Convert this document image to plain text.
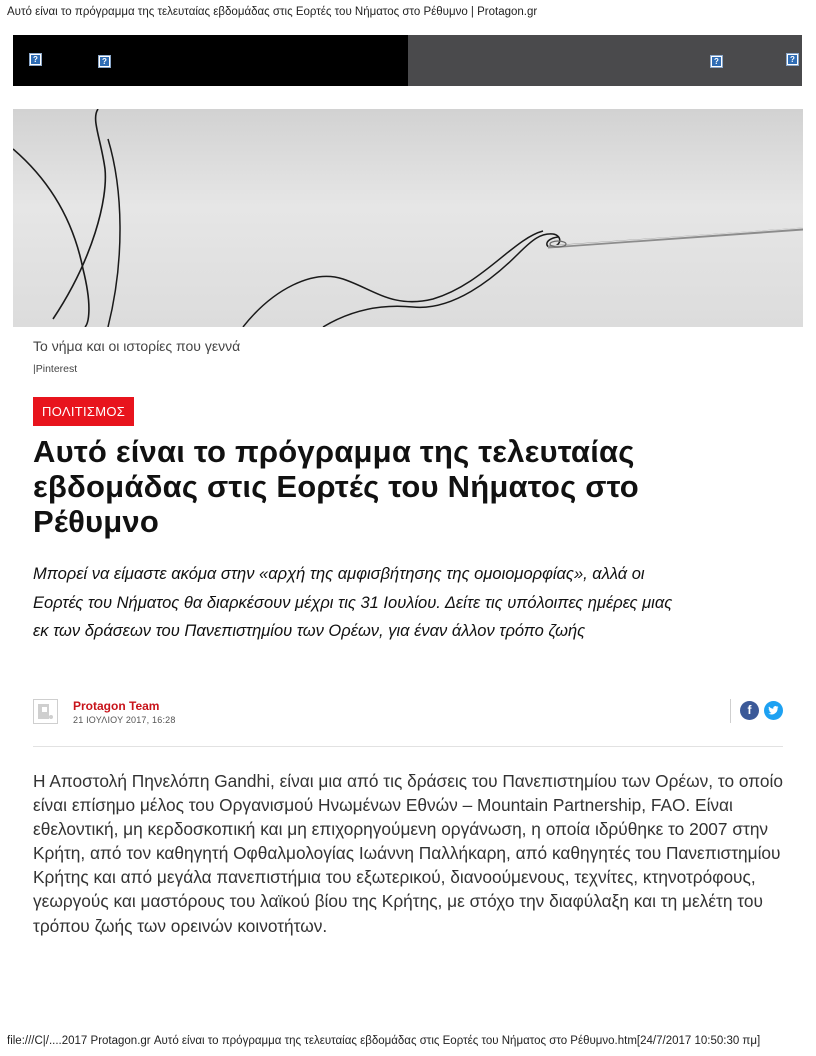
Αυτό είναι το πρόγραμμα της τελευταίας εβδομάδας στις Εορτές του Νήματος στο Ρέθυμνο | Protagon.gr
?	?	?	?
Το νήμα και οι ιστορίες που γεννά
|Pinterest
ΠΟΛΙΤΙΣΜΟΣ
Αυτό είναι το πρόγραμμα της τελευταίας εβδομάδας στις Εορτές του Νήματος στο Ρέθυμνο
Μπορεί να είμαστε ακόμα στην «αρχή της αμφισβήτησης της ομοιομορφίας», αλλά οι Εορτές του Νήματος θα διαρκέσουν μέχρι τις 31 Ιουλίου. Δείτε τις υπόλοιπες ημέρες μιας εκ των δράσεων του Πανεπιστημίου των Ορέων, για έναν άλλον τρόπο ζωής
Protagon Team
21 ΙΟΥΛΙΟΥ 2017, 16:28
f

Η Αποστολή Πηνελόπη Gandhi, είναι μια από τις δράσεις του Πανεπιστημίου των Ορέων, το οποίο είναι επίσημο μέλος του Οργανισμού Ηνωμένων Εθνών – Mountain Partnership, FAO. Είναι εθελοντική, μη κερδοσκοπική και μη επιχορηγούμενη οργάνωση, η οποία ιδρύθηκε το 2007 στην Κρήτη, από τον καθηγητή Οφθαλμολογίας Ιωάννη Παλλήκαρη, από καθηγητές του Πανεπιστημίου Κρήτης και από μεγάλα πανεπιστήμια του εξωτερικού, διανοούμενους, τεχνίτες, κτηνοτρόφους, γεωργούς και μαστόρους του λαϊκού βίου της Κρήτης, με στόχο την διαφύλαξη και τη μελέτη του τρόπου ζωής των ορεινών κοινοτήτων.

file:///C|/....2017 Protagon.gr Αυτό είναι το πρόγραμμα της τελευταίας εβδομάδας στις Εορτές του Νήματος στο Ρέθυμνο.htm[24/7/2017 10:50:30 πμ]
